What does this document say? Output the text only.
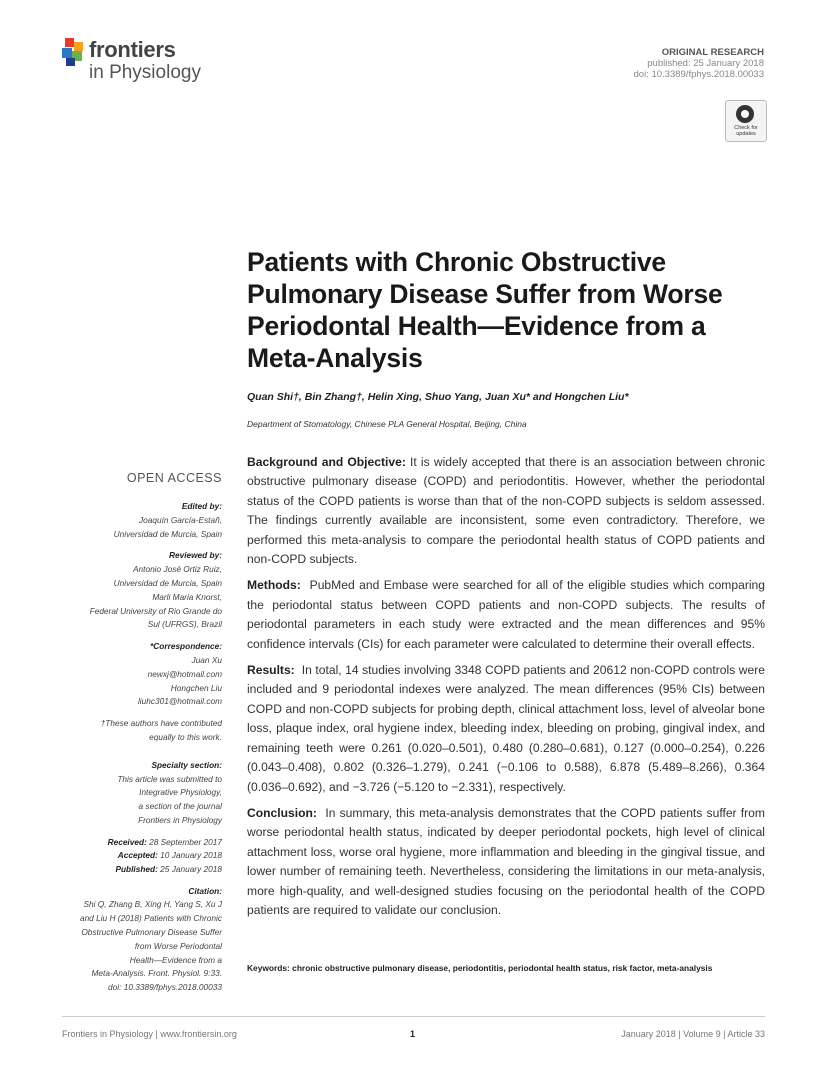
frontiers
in Physiology
ORIGINAL RESEARCH
published: 25 January 2018
doi: 10.3389/fphys.2018.00033
Check for updates
Patients with Chronic Obstructive Pulmonary Disease Suffer from Worse Periodontal Health—Evidence from a Meta-Analysis
Quan Shi†, Bin Zhang†, Helin Xing, Shuo Yang, Juan Xu* and Hongchen Liu*
Department of Stomatology, Chinese PLA General Hospital, Beijing, China
OPEN ACCESS
Edited by:
Joaquín García-Estañ,
Universidad de Murcia, Spain
Reviewed by:
Antonio José Ortiz Ruiz,
Universidad de Murcia, Spain
Marli Maria Knorst,
Federal University of Rio Grande do
Sul (UFRGS), Brazil
*Correspondence:
Juan Xu
newxj@hotmail.com
Hongchen Liu
liuhc301@hotmail.com
†These authors have contributed
equally to this work.
Specialty section:
This article was submitted to
Integrative Physiology,
a section of the journal
Frontiers in Physiology
Received: 28 September 2017
Accepted: 10 January 2018
Published: 25 January 2018
Citation:
Shi Q, Zhang B, Xing H, Yang S, Xu J
and Liu H (2018) Patients with Chronic
Obstructive Pulmonary Disease Suffer
from Worse Periodontal
Health—Evidence from a
Meta-Analysis. Front. Physiol. 9:33.
doi: 10.3389/fphys.2018.00033

Background and Objective: It is widely accepted that there is an association between chronic obstructive pulmonary disease (COPD) and periodontitis. However, whether the periodontal status of the COPD patients is worse than that of the non-COPD subjects is seldom assessed. The findings currently available are inconsistent, some even contradictory. Therefore, we performed this meta-analysis to compare the periodontal health status of COPD patients and non-COPD subjects.

Methods: PubMed and Embase were searched for all of the eligible studies which comparing the periodontal status between COPD patients and non-COPD subjects. The results of periodontal parameters in each study were extracted and the mean differences and 95% confidence intervals (CIs) for each parameter were calculated to determine their overall effects.

Results: In total, 14 studies involving 3348 COPD patients and 20612 non-COPD controls were included and 9 periodontal indexes were analyzed. The mean differences (95% CIs) between COPD and non-COPD subjects for probing depth, clinical attachment loss, level of alveolar bone loss, plaque index, oral hygiene index, bleeding index, bleeding on probing, gingival index, and remaining teeth were 0.261 (0.020–0.501), 0.480 (0.280–0.681), 0.127 (0.000–0.254), 0.226 (0.043–0.408), 0.802 (0.326–1.279), 0.241 (−0.106 to 0.588), 6.878 (5.489–8.266), 0.364 (0.036–0.692), and −3.726 (−5.120 to −2.331), respectively.

Conclusion: In summary, this meta-analysis demonstrates that the COPD patients suffer from worse periodontal health status, indicated by deeper periodontal pockets, high level of clinical attachment loss, worse oral hygiene, more inflammation and bleeding in the gingival tissue, and lower number of remaining teeth. Nevertheless, considering the limitations in our meta-analysis, more high-quality, and well-designed studies focusing on the periodontal health of the COPD patients are required to validate our conclusion.

Keywords: chronic obstructive pulmonary disease, periodontitis, periodontal health status, risk factor, meta-analysis
Frontiers in Physiology | www.frontiersin.org	1	January 2018 | Volume 9 | Article 33
